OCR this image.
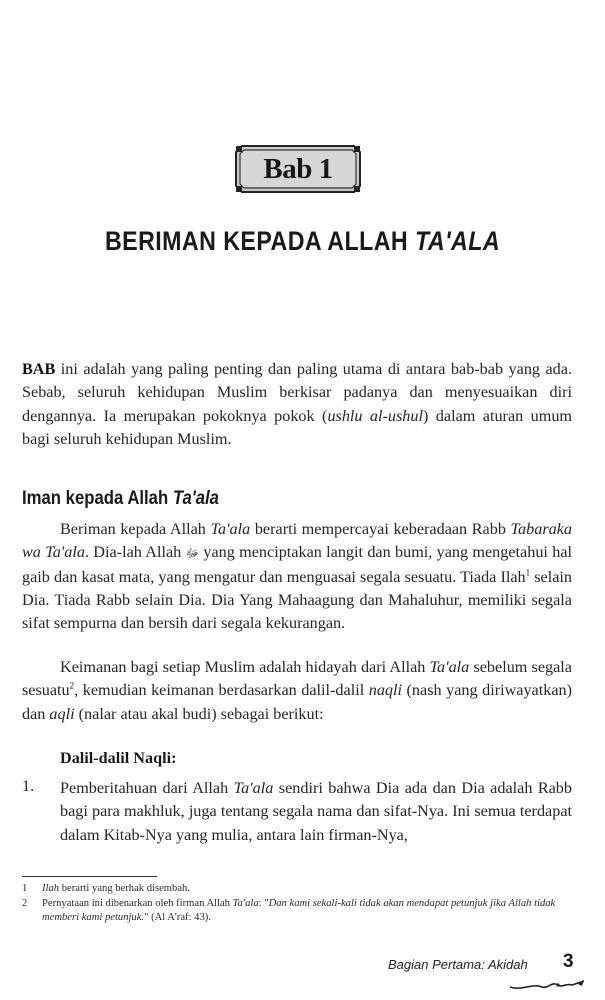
Bab 1
BERIMAN KEPADA ALLAH TA'ALA

BAB ini adalah yang paling penting dan paling utama di antara bab-bab yang ada. Sebab, seluruh kehidupan Muslim berkisar padanya dan menyesuaikan diri dengannya. Ia merupakan pokoknya pokok (ushlu al-ushul) dalam aturan umum bagi seluruh kehidupan Muslim.

Iman kepada Allah Ta'ala

Beriman kepada Allah Ta'ala berarti mempercayai keberadaan Rabb Tabaraka wa Ta'ala. Dia-lah Allah ﷻ yang menciptakan langit dan bumi, yang mengetahui hal gaib dan kasat mata, yang mengatur dan menguasai segala sesuatu. Tiada Ilah$^1$ selain Dia. Tiada Rabb selain Dia. Dia Yang Mahaagung dan Mahaluhur, memiliki segala sifat sempurna dan bersih dari segala kekurangan.

Keimanan bagi setiap Muslim adalah hidayah dari Allah Ta'ala sebelum segala sesuatu$^2$, kemudian keimanan berdasarkan dalil-dalil naqli (nash yang diriwayatkan) dan aqli (nalar atau akal budi) sebagai berikut:

Dalil-dalil Naqli:
1. Pemberitahuan dari Allah Ta'ala sendiri bahwa Dia ada dan Dia adalah Rabb bagi para makhluk, juga tentang segala nama dan sifat-Nya. Ini semua terdapat dalam Kitab-Nya yang mulia, antara lain firman-Nya,

1 Ilah berarti yang berhak disembah.
2 Pernyataan ini dibenarkan oleh firman Allah Ta'ala: "Dan kami sekali-kali tidak akan mendapat petunjuk jika Allah tidak memberi kami petunjuk." (Al A'raf: 43).
Bagian Pertama: Akidah 3
